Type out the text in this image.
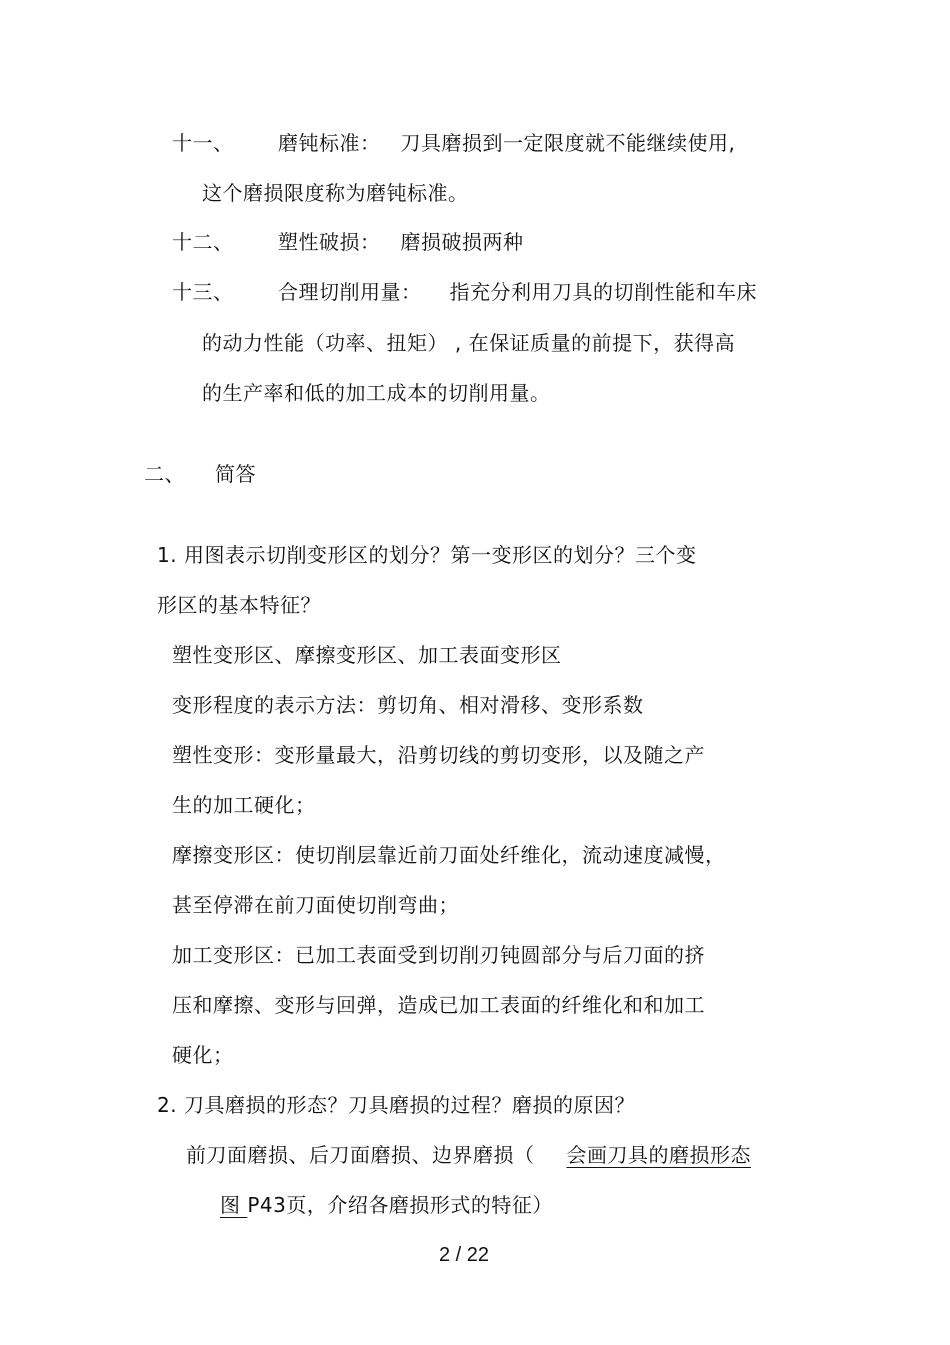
十一、 磨钝标准： 刀具磨损到一定限度就不能继续使用,
这个磨损限度称为磨钝标准。
十二、 塑性破损： 磨损破损两种
十三、 合理切削用量： 指充分利用刀具的切削性能和车床
的动力性能（功率、扭矩） , 在保证质量的前提下，获得高
的生产率和低的加工成本的切削用量。
二、 简答
1. 用图表示切削变形区的划分？第一变形区的划分？三个变
形区的基本特征？
塑性变形区、摩擦变形区、加工表面变形区
变形程度的表示方法：剪切角、相对滑移、变形系数
塑性变形：变形量最大，沿剪切线的剪切变形，以及随之产
生的加工硬化；
摩擦变形区：使切削层靠近前刀面处纤维化，流动速度减慢，
甚至停滞在前刀面使切削弯曲；
加工变形区：已加工表面受到切削刃钝圆部分与后刀面的挤
压和摩擦、变形与回弹，造成已加工表面的纤维化和和加工
硬化；
2. 刀具磨损的形态？刀具磨损的过程？磨损的原因？
前刀面磨损、后刀面磨损、边界磨损（ 会画刀具的磨损形态
图 P43页，介绍各磨损形式的特征）
2 / 22
